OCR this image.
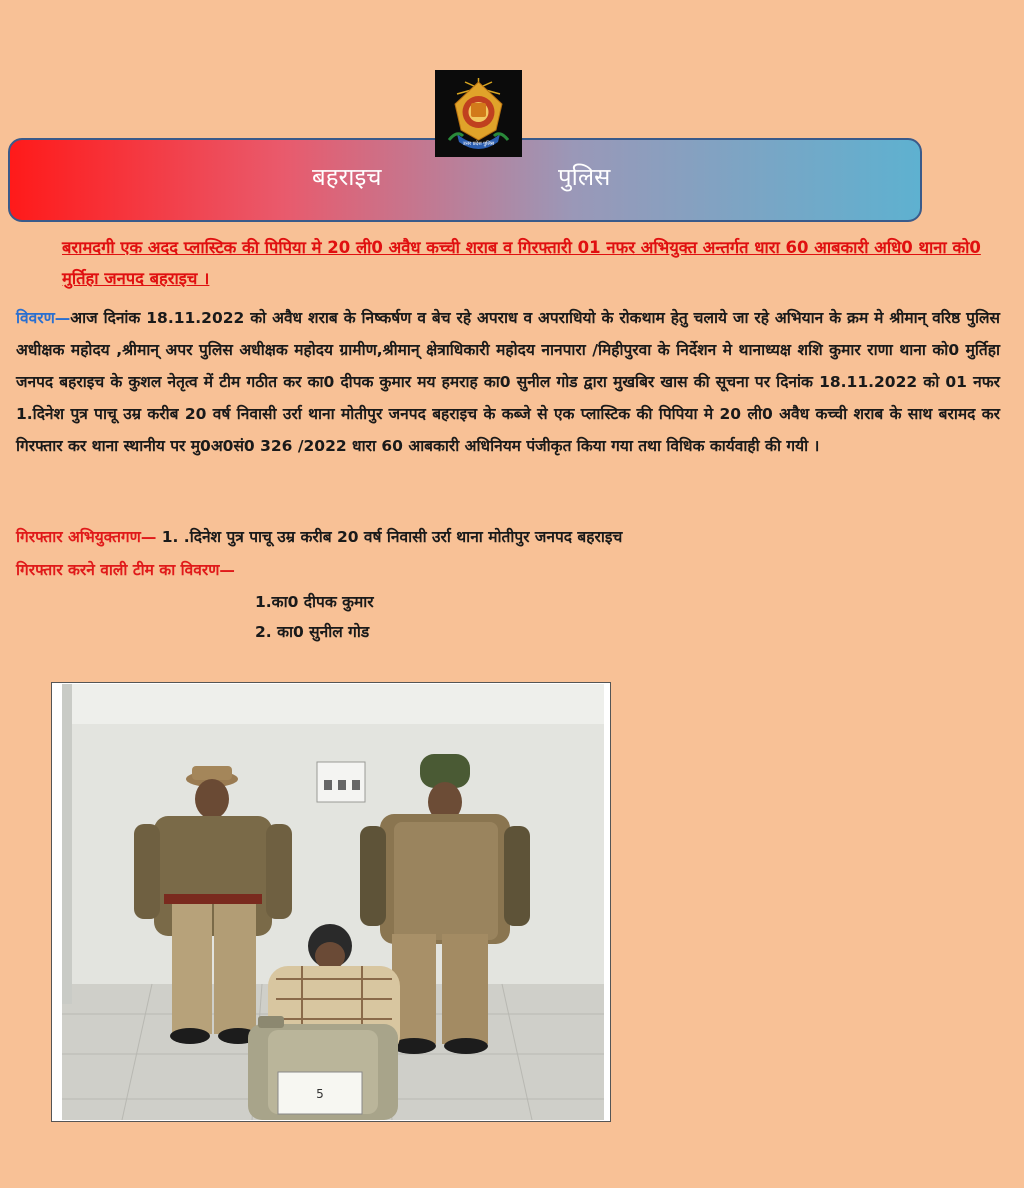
उत्तर प्रदेश पुलिस
बहराइच	पुलिस
बरामदगी एक अदद प्लास्टिक की पिपिया मे 20 ली0 अवैध कच्ची शराब व गिरफ्तारी 01 नफर अभियुक्त अन्तर्गत धारा 60 आबकारी अधि0 थाना को0 मुर्तिहा जनपद बहराइच ।
विवरण—आज दिनांक 18.11.2022 को अवैध शराब के निष्कर्षण व बेच रहे अपराध व अपराधियो के रोकथाम हेतु चलाये जा रहे अभियान के क्रम मे श्रीमान् वरिष्ठ पुलिस अधीक्षक महोदय ,श्रीमान् अपर पुलिस अधीक्षक महोदय ग्रामीण,श्रीमान् क्षेत्राधिकारी महोदय नानपारा /मिहीपुरवा के निर्देशन मे थानाध्यक्ष शशि कुमार राणा थाना को0 मुर्तिहा जनपद बहराइच के कुशल नेतृत्व में टीम गठीत कर का0 दीपक कुमार मय हमराह का0 सुनील गोड द्वारा मुखबिर खास की सूचना पर दिनांक 18.11.2022 को 01 नफर 1.दिनेश पुत्र पाचू उम्र करीब 20 वर्ष निवासी उर्रा थाना मोतीपुर जनपद बहराइच के कब्जे से एक प्लास्टिक की पिपिया मे 20 ली0 अवैध कच्ची शराब के साथ बरामद कर गिरफ्तार कर थाना स्थानीय पर मु0अ0सं0 326 /2022 धारा 60 आबकारी अधिनियम पंजीकृत किया गया तथा विधिक कार्यवाही की गयी ।
गिरफ्तार अभियुक्तगण— 1. .दिनेश पुत्र पाचू उम्र करीब 20 वर्ष निवासी उर्रा थाना मोतीपुर जनपद बहराइच
गिरफ्तार करने वाली टीम का विवरण—
1.का0 दीपक कुमार
2. का0 सुनील गोड
5
